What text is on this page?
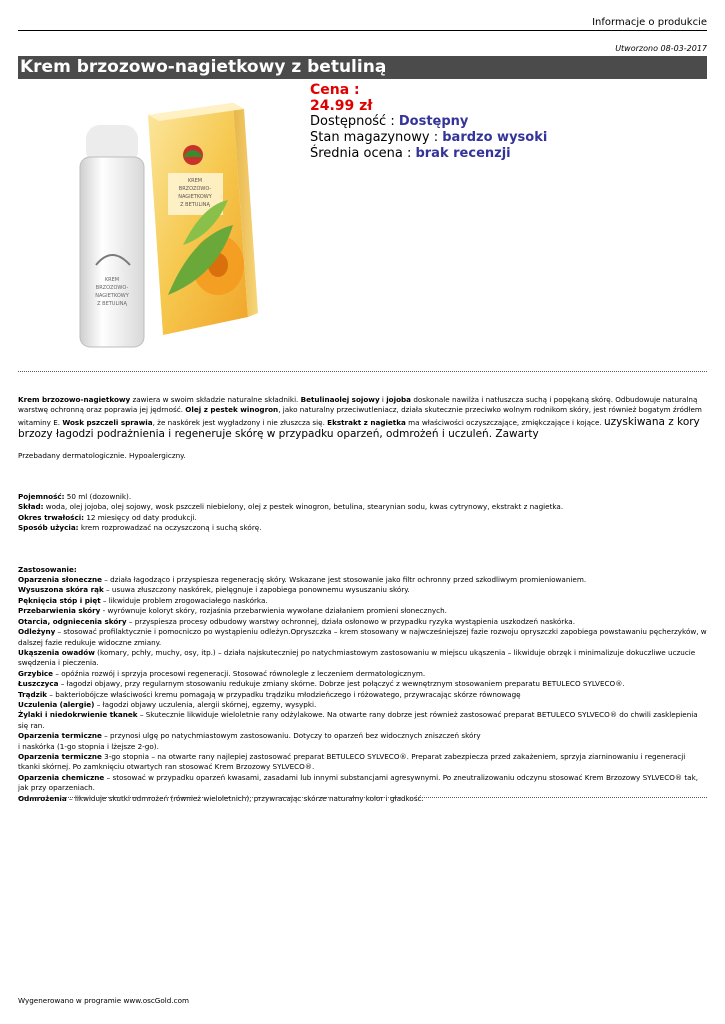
Informacje o produkcie
Utworzono 08-03-2017
Krem brzozowo-nagietkowy z betuliną
KREM
BRZOZOWO-
NAGIETKOWY
Z BETULINĄ
KREM
BRZOZOWO-
NAGIETKOWY
Z BETULINĄ
Cena :
24.99 zł
Dostępność : Dostępny
Stan magazynowy : bardzo wysoki
Średnia ocena : brak recenzji

Krem brzozowo-nagietkowy zawiera w swoim składzie naturalne składniki. Betulinaolej sojowy i jojoba doskonale nawilża i natłuszcza suchą i popękaną skórę. Odbudowuje naturalną warstwę ochronną oraz poprawia jej jędrność. Olej z pestek winogron, jako naturalny przeciwutleniacz, działa skutecznie przeciwko wolnym rodnikom skóry, jest również bogatym źródłem witaminy E. Wosk pszczeli sprawia, że naskórek jest wygładzony i nie złuszcza się. Ekstrakt z nagietka ma właściwości oczyszczające, zmiękczające i kojące. uzyskiwana z kory brzozy łagodzi podrażnienia i regeneruje skórę w przypadku oparzeń, odmrożeń i uczuleń. Zawarty

Przebadany dermatologicznie. Hypoalergiczny.

Pojemność: 50 ml (dozownik).

Skład: woda, olej jojoba, olej sojowy, wosk pszczeli niebielony, olej z pestek winogron, betulina, stearynian sodu, kwas cytrynowy, ekstrakt z nagietka.

Okres trwałości: 12 miesięcy od daty produkcji.

Sposób użycia: krem rozprowadzać na oczyszczoną i suchą skórę.

Zastosowanie:

Oparzenia słoneczne – działa łagodząco i przyspiesza regenerację skóry. Wskazane jest stosowanie jako filtr ochronny przed szkodliwym promieniowaniem.

Wysuszona skóra rąk – usuwa złuszczony naskórek, pielęgnuje i zapobiega ponownemu wysuszaniu skóry.

Pęknięcia stóp i pięt – likwiduje problem zrogowaciałego naskórka.

Przebarwienia skóry - wyrównuje koloryt skóry, rozjaśnia przebarwienia wywołane działaniem promieni słonecznych.

Otarcia, odgniecenia skóry – przyspiesza procesy odbudowy warstwy ochronnej, działa osłonowo w przypadku ryzyka wystąpienia uszkodzeń naskórka.

Odleżyny – stosować profilaktycznie i pomocniczo po wystąpieniu odleżyn.Opryszczka – krem stosowany w najwcześniejszej fazie rozwoju opryszczki zapobiega powstawaniu pęcherzyków, w dalszej fazie redukuje widoczne zmiany.

Ukąszenia owadów (komary, pchły, muchy, osy, itp.) – działa najskuteczniej po natychmiastowym zastosowaniu w miejscu ukąszenia – likwiduje obrzęk i minimalizuje dokuczliwe uczucie swędzenia i pieczenia.

Grzybice – opóźnia rozwój i sprzyja procesowi regeneracji. Stosować równolegle z leczeniem dermatologicznym.

Łuszczyca – łagodzi objawy, przy regularnym stosowaniu redukuje zmiany skórne. Dobrze jest połączyć z wewnętrznym stosowaniem preparatu BETULECO SYLVECO®.

Trądzik – bakteriobójcze właściwości kremu pomagają w przypadku trądziku młodzieńczego i różowatego, przywracając skórze równowagę

Uczulenia (alergie) – łagodzi objawy uczulenia, alergii skórnej, egzemy, wysypki.

Żylaki i niedokrwienie tkanek – Skutecznie likwiduje wieloletnie rany odżylakowe. Na otwarte rany dobrze jest również zastosować preparat BETULECO SYLVECO® do chwili zasklepienia się ran.

Oparzenia termiczne – przynosi ulgę po natychmiastowym zastosowaniu. Dotyczy to oparzeń bez widocznych zniszczeń skóry

i naskórka (1-go stopnia i lżejsze 2-go).

Oparzenia termiczne 3-go stopnia – na otwarte rany najlepiej zastosować preparat BETULECO SYLVECO®. Preparat zabezpiecza przed zakażeniem, sprzyja ziarninowaniu i regeneracji tkanki skórnej. Po zamknięciu otwartych ran stosować Krem Brzozowy SYLVECO®.

Oparzenia chemiczne – stosować w przypadku oparzeń kwasami, zasadami lub innymi substancjami agresywnymi. Po zneutralizowaniu odczynu stosować Krem Brzozowy SYLVECO® tak, jak przy oparzeniach.

Odmrożenia – likwiduje skutki odmrożeń (również wieloletnich), przywracając skórze naturalny kolor i gładkość.

Wygenerowano w programie www.oscGold.com
